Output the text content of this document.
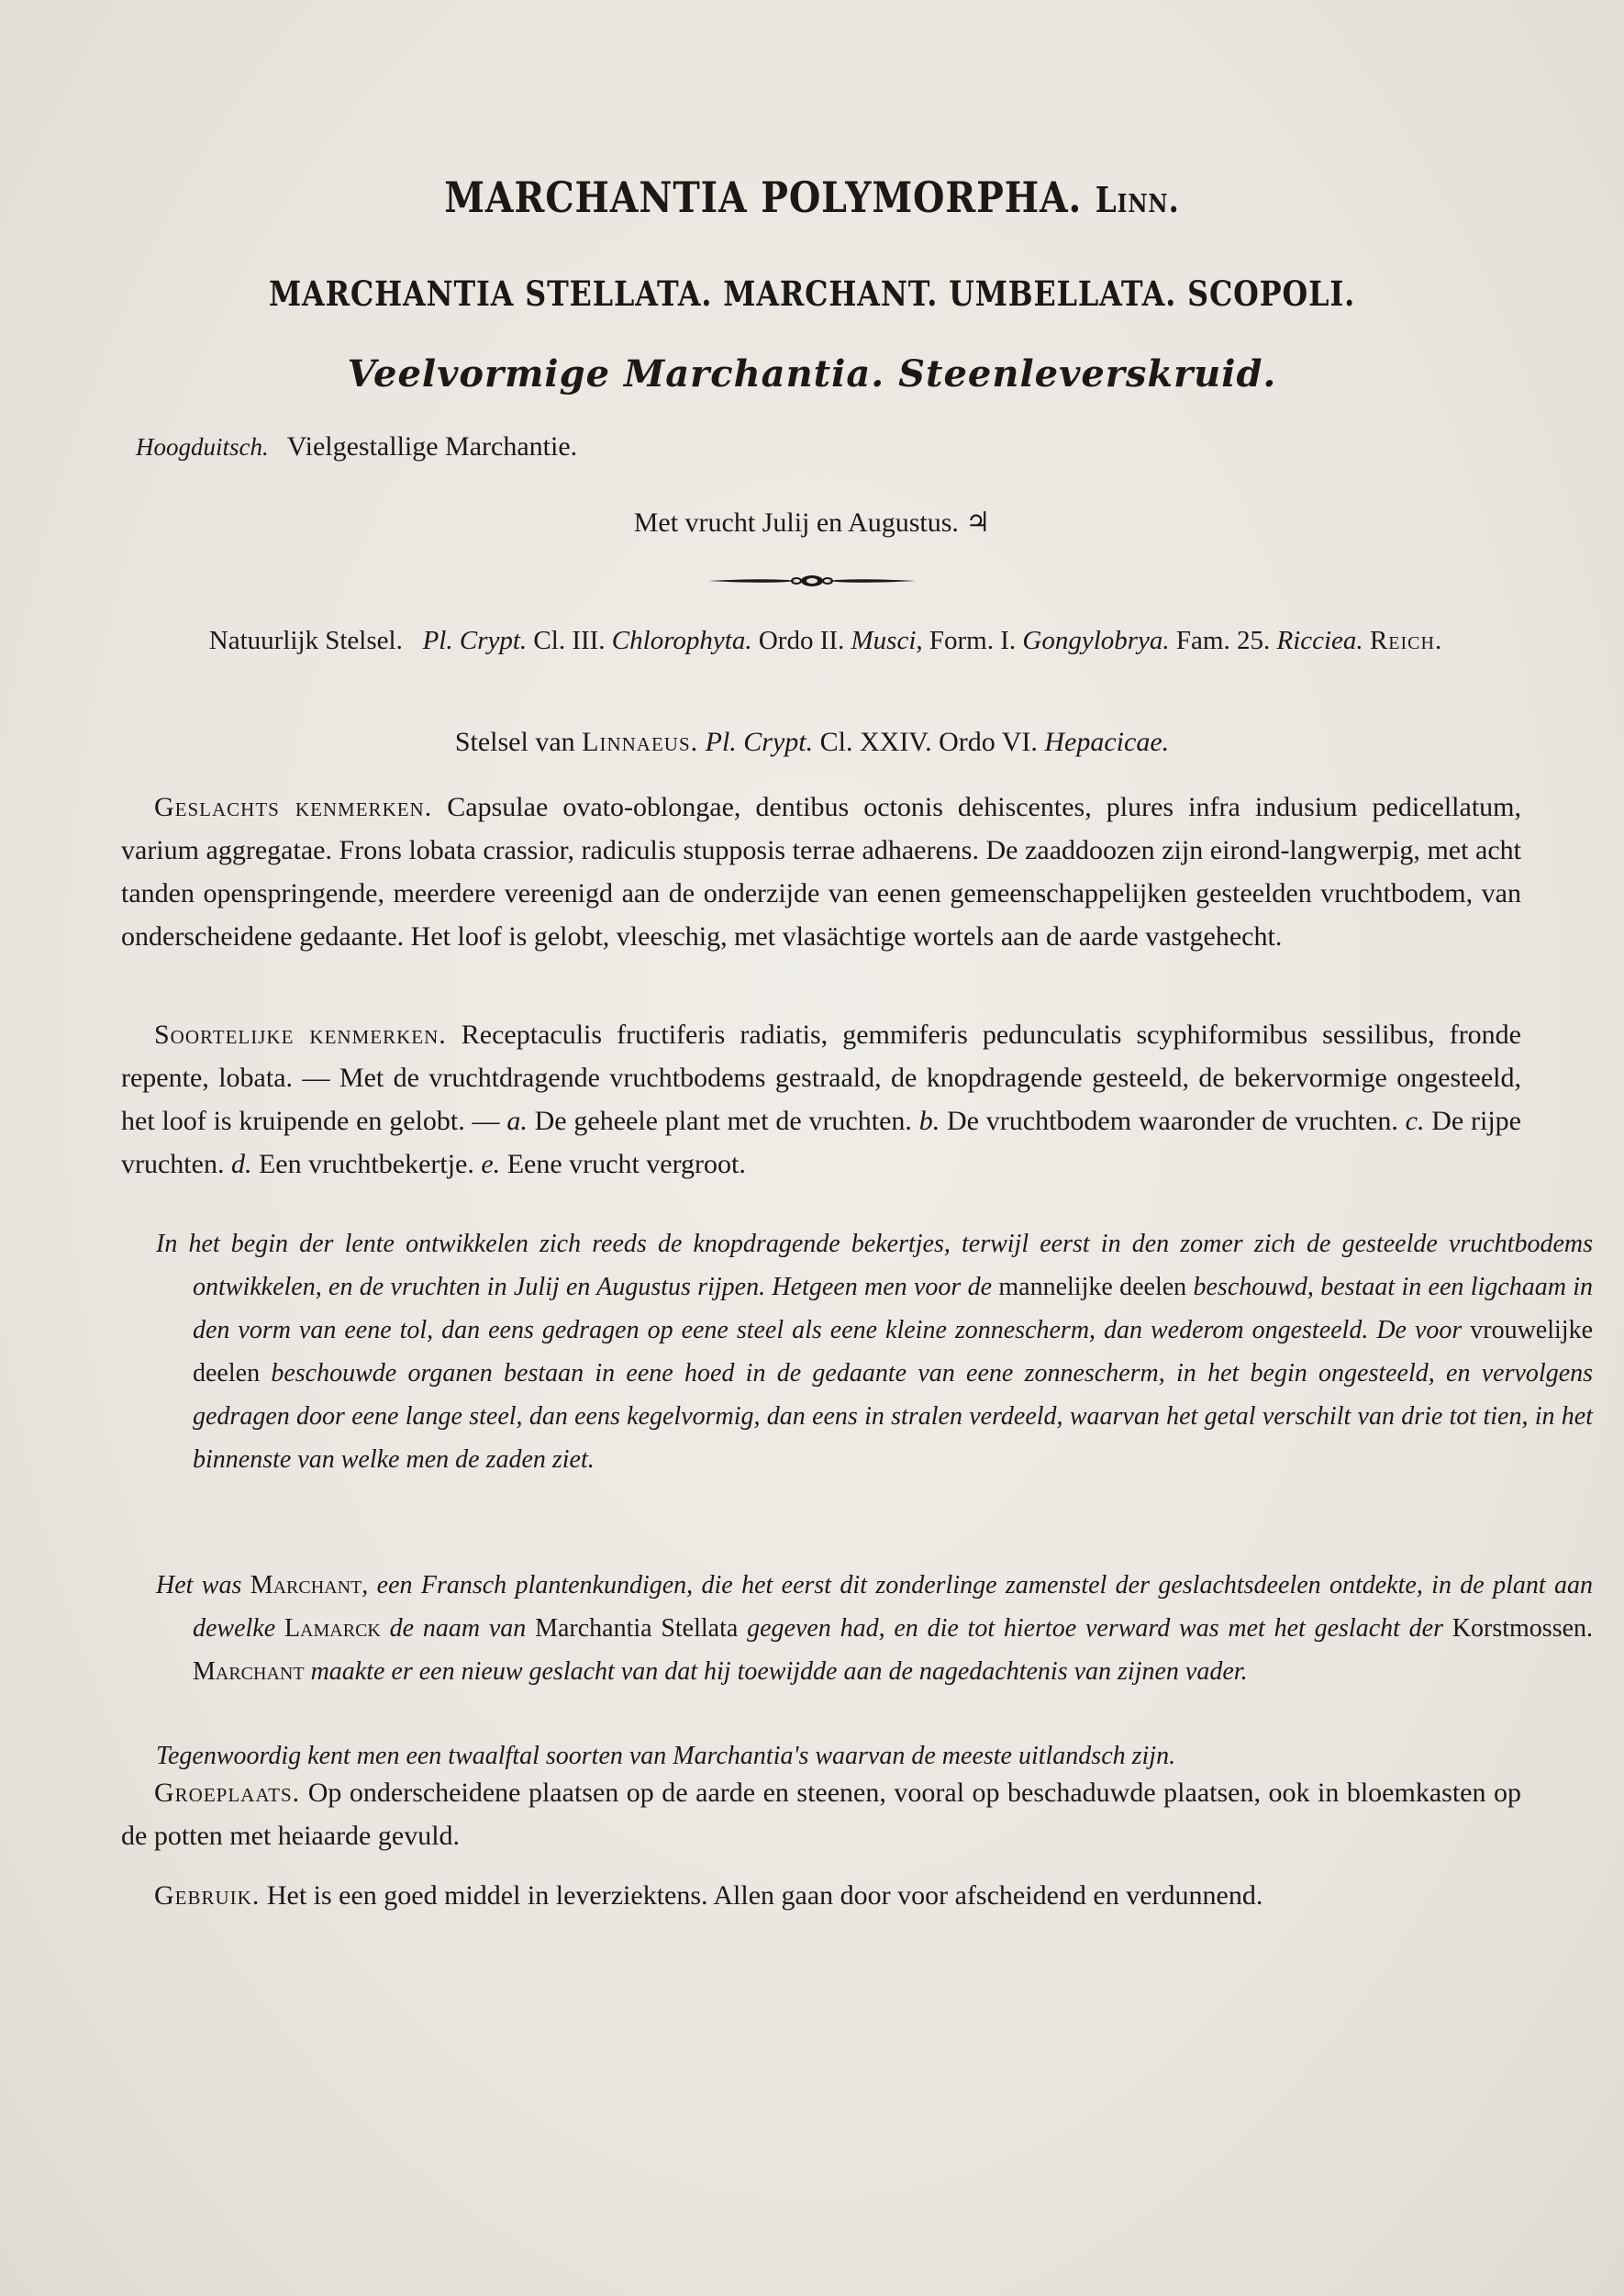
MARCHANTIA POLYMORPHA. Linn.
MARCHANTIA STELLATA. MARCHANT. UMBELLATA. SCOPOLI.
Veelvormige Marchantia. Steenleverskruid.
Hoogduitsch. Vielgestallige Marchantie.
Met vrucht Julij en Augustus. ♃
Natuurlijk Stelsel. Pl. Crypt. Cl. III. Chlorophyta. Ordo II. Musci, Form. I. Gongylobrya. Fam. 25. Ricciea. Reich.
Stelsel van Linnaeus. Pl. Crypt. Cl. XXIV. Ordo VI. Hepacicae.
Geslachts kenmerken. Capsulae ovato-oblongae, dentibus octonis dehiscentes, plures infra indusium pedicellatum, varium aggregatae. Frons lobata crassior, radiculis stupposis terrae adhaerens. De zaaddoozen zijn eirond-langwerpig, met acht tanden openspringende, meerdere vereenigd aan de onderzijde van eenen gemeenschappelijken gesteelden vruchtbodem, van onderscheidene gedaante. Het loof is gelobt, vleeschig, met vlasächtige wortels aan de aarde vastgehecht.
Soortelijke kenmerken. Receptaculis fructiferis radiatis, gemmiferis pedunculatis scyphiformibus sessilibus, fronde repente, lobata. — Met de vruchtdragende vruchtbodems gestraald, de knopdragende gesteeld, de bekervormige ongesteeld, het loof is kruipende en gelobt. — a. De geheele plant met de vruchten. b. De vruchtbodem waaronder de vruchten. c. De rijpe vruchten. d. Een vruchtbekertje. e. Eene vrucht vergroot.
In het begin der lente ontwikkelen zich reeds de knopdragende bekertjes, terwijl eerst in den zomer zich de gesteelde vruchtbodems ontwikkelen, en de vruchten in Julij en Augustus rijpen. Hetgeen men voor de mannelijke deelen beschouwd, bestaat in een ligchaam in den vorm van eene tol, dan eens gedragen op eene steel als eene kleine zonnescherm, dan wederom ongesteeld. De voor vrouwelijke deelen beschouwde organen bestaan in eene hoed in de gedaante van eene zonnescherm, in het begin ongesteeld, en vervolgens gedragen door eene lange steel, dan eens kegelvormig, dan eens in stralen verdeeld, waarvan het getal verschilt van drie tot tien, in het binnenste van welke men de zaden ziet.
Het was Marchant, een Fransch plantenkundigen, die het eerst dit zonderlinge zamenstel der geslachtsdeelen ontdekte, in de plant aan dewelke Lamarck de naam van Marchantia Stellata gegeven had, en die tot hiertoe verward was met het geslacht der Korstmossen. Marchant maakte er een nieuw geslacht van dat hij toewijdde aan de nagedachtenis van zijnen vader.
Tegenwoordig kent men een twaalftal soorten van Marchantia's waarvan de meeste uitlandsch zijn.
Groeplaats. Op onderscheidene plaatsen op de aarde en steenen, vooral op beschaduwde plaatsen, ook in bloemkasten op de potten met heiaarde gevuld.
Gebruik. Het is een goed middel in leverziektens. Allen gaan door voor afscheidend en verdunnend.
